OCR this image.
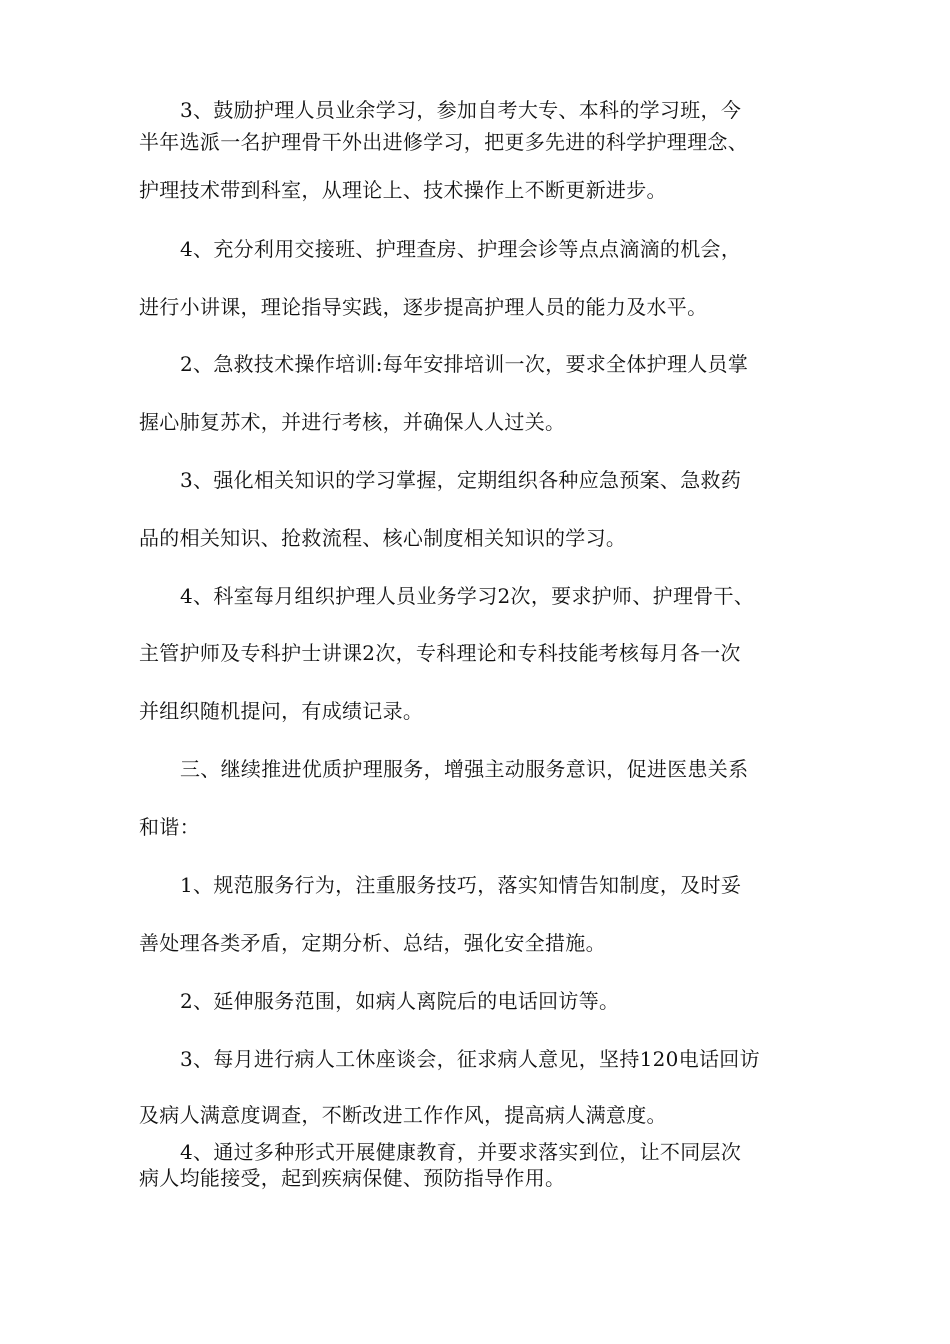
3、鼓励护理人员业余学习，参加自考大专、本科的学习班，今

半年选派一名护理骨干外出进修学习，把更多先进的科学护理理念、

护理技术带到科室，从理论上、技术操作上不断更新进步。

4、充分利用交接班、护理查房、护理会诊等点点滴滴的机会，

进行小讲课，理论指导实践，逐步提高护理人员的能力及水平。

2、急救技术操作培训:每年安排培训一次，要求全体护理人员掌

握心肺复苏术，并进行考核，并确保人人过关。

3、强化相关知识的学习掌握，定期组织各种应急预案、急救药

品的相关知识、抢救流程、核心制度相关知识的学习。

4、科室每月组织护理人员业务学习2次，要求护师、护理骨干、

主管护师及专科护士讲课2次，专科理论和专科技能考核每月各一次

并组织随机提问，有成绩记录。

三、继续推进优质护理服务，增强主动服务意识，促进医患关系

和谐：

1、规范服务行为，注重服务技巧，落实知情告知制度，及时妥

善处理各类矛盾，定期分析、总结，强化安全措施。

2、延伸服务范围，如病人离院后的电话回访等。

3、每月进行病人工休座谈会，征求病人意见，坚持120电话回访

及病人满意度调查，不断改进工作作风，提高病人满意度。

4、通过多种形式开展健康教育，并要求落实到位，让不同层次

病人均能接受，起到疾病保健、预防指导作用。
